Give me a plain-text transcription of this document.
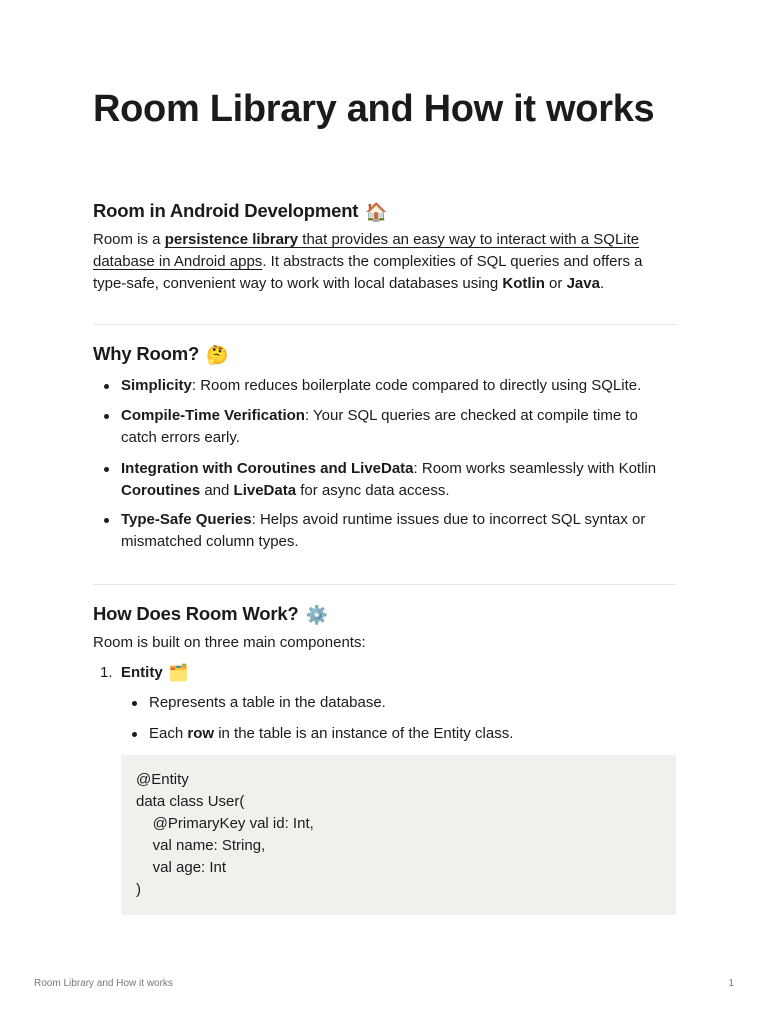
Room Library and How it works
Room in Android Development 🏠

Room is a persistence library that provides an easy way to interact with a SQLite database in Android apps. It abstracts the complexities of SQL queries and offers a type-safe, convenient way to work with local databases using Kotlin or Java.

Why Room? 🤔
Simplicity: Room reduces boilerplate code compared to directly using SQLite.
Compile-Time Verification: Your SQL queries are checked at compile time to catch errors early.
Integration with Coroutines and LiveData: Room works seamlessly with Kotlin Coroutines and LiveData for async data access.
Type-Safe Queries: Helps avoid runtime issues due to incorrect SQL syntax or mismatched column types.
How Does Room Work? ⚙️

Room is built on three main components:

1. Entity 🗂️
Represents a table in the database.
Each row in the table is an instance of the Entity class.
@Entity
data class User(
@PrimaryKey val id: Int,
val name: String,
val age: Int
)
Room Library and How it works	1
